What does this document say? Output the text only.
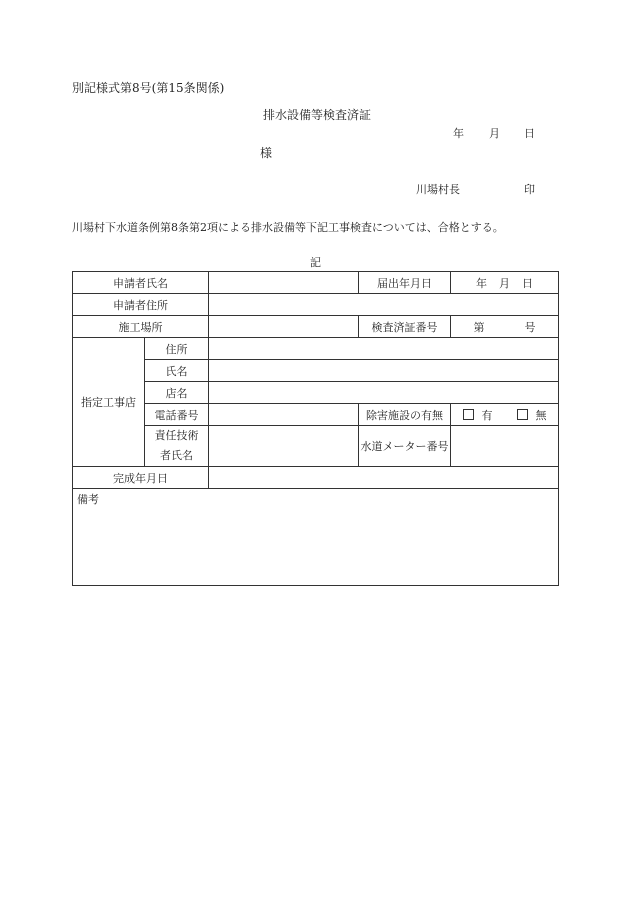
別記様式第8号(第15条関係)
排水設備等検査済証
年 月 日
様
川場村長	印
川場村下水道条例第8条第2項による排水設備等下記工事検査については、合格とする。
記
申請者氏名			届出年月日	年 月 日
申請者住所				
施工場所			検査済証番号	第 号
指定工事店	住所			
	氏名			
	店名			
	電話番号		除害施設の有無	有 無
	責任技術
者氏名		水道メーター番号	
完成年月日				
備考				
